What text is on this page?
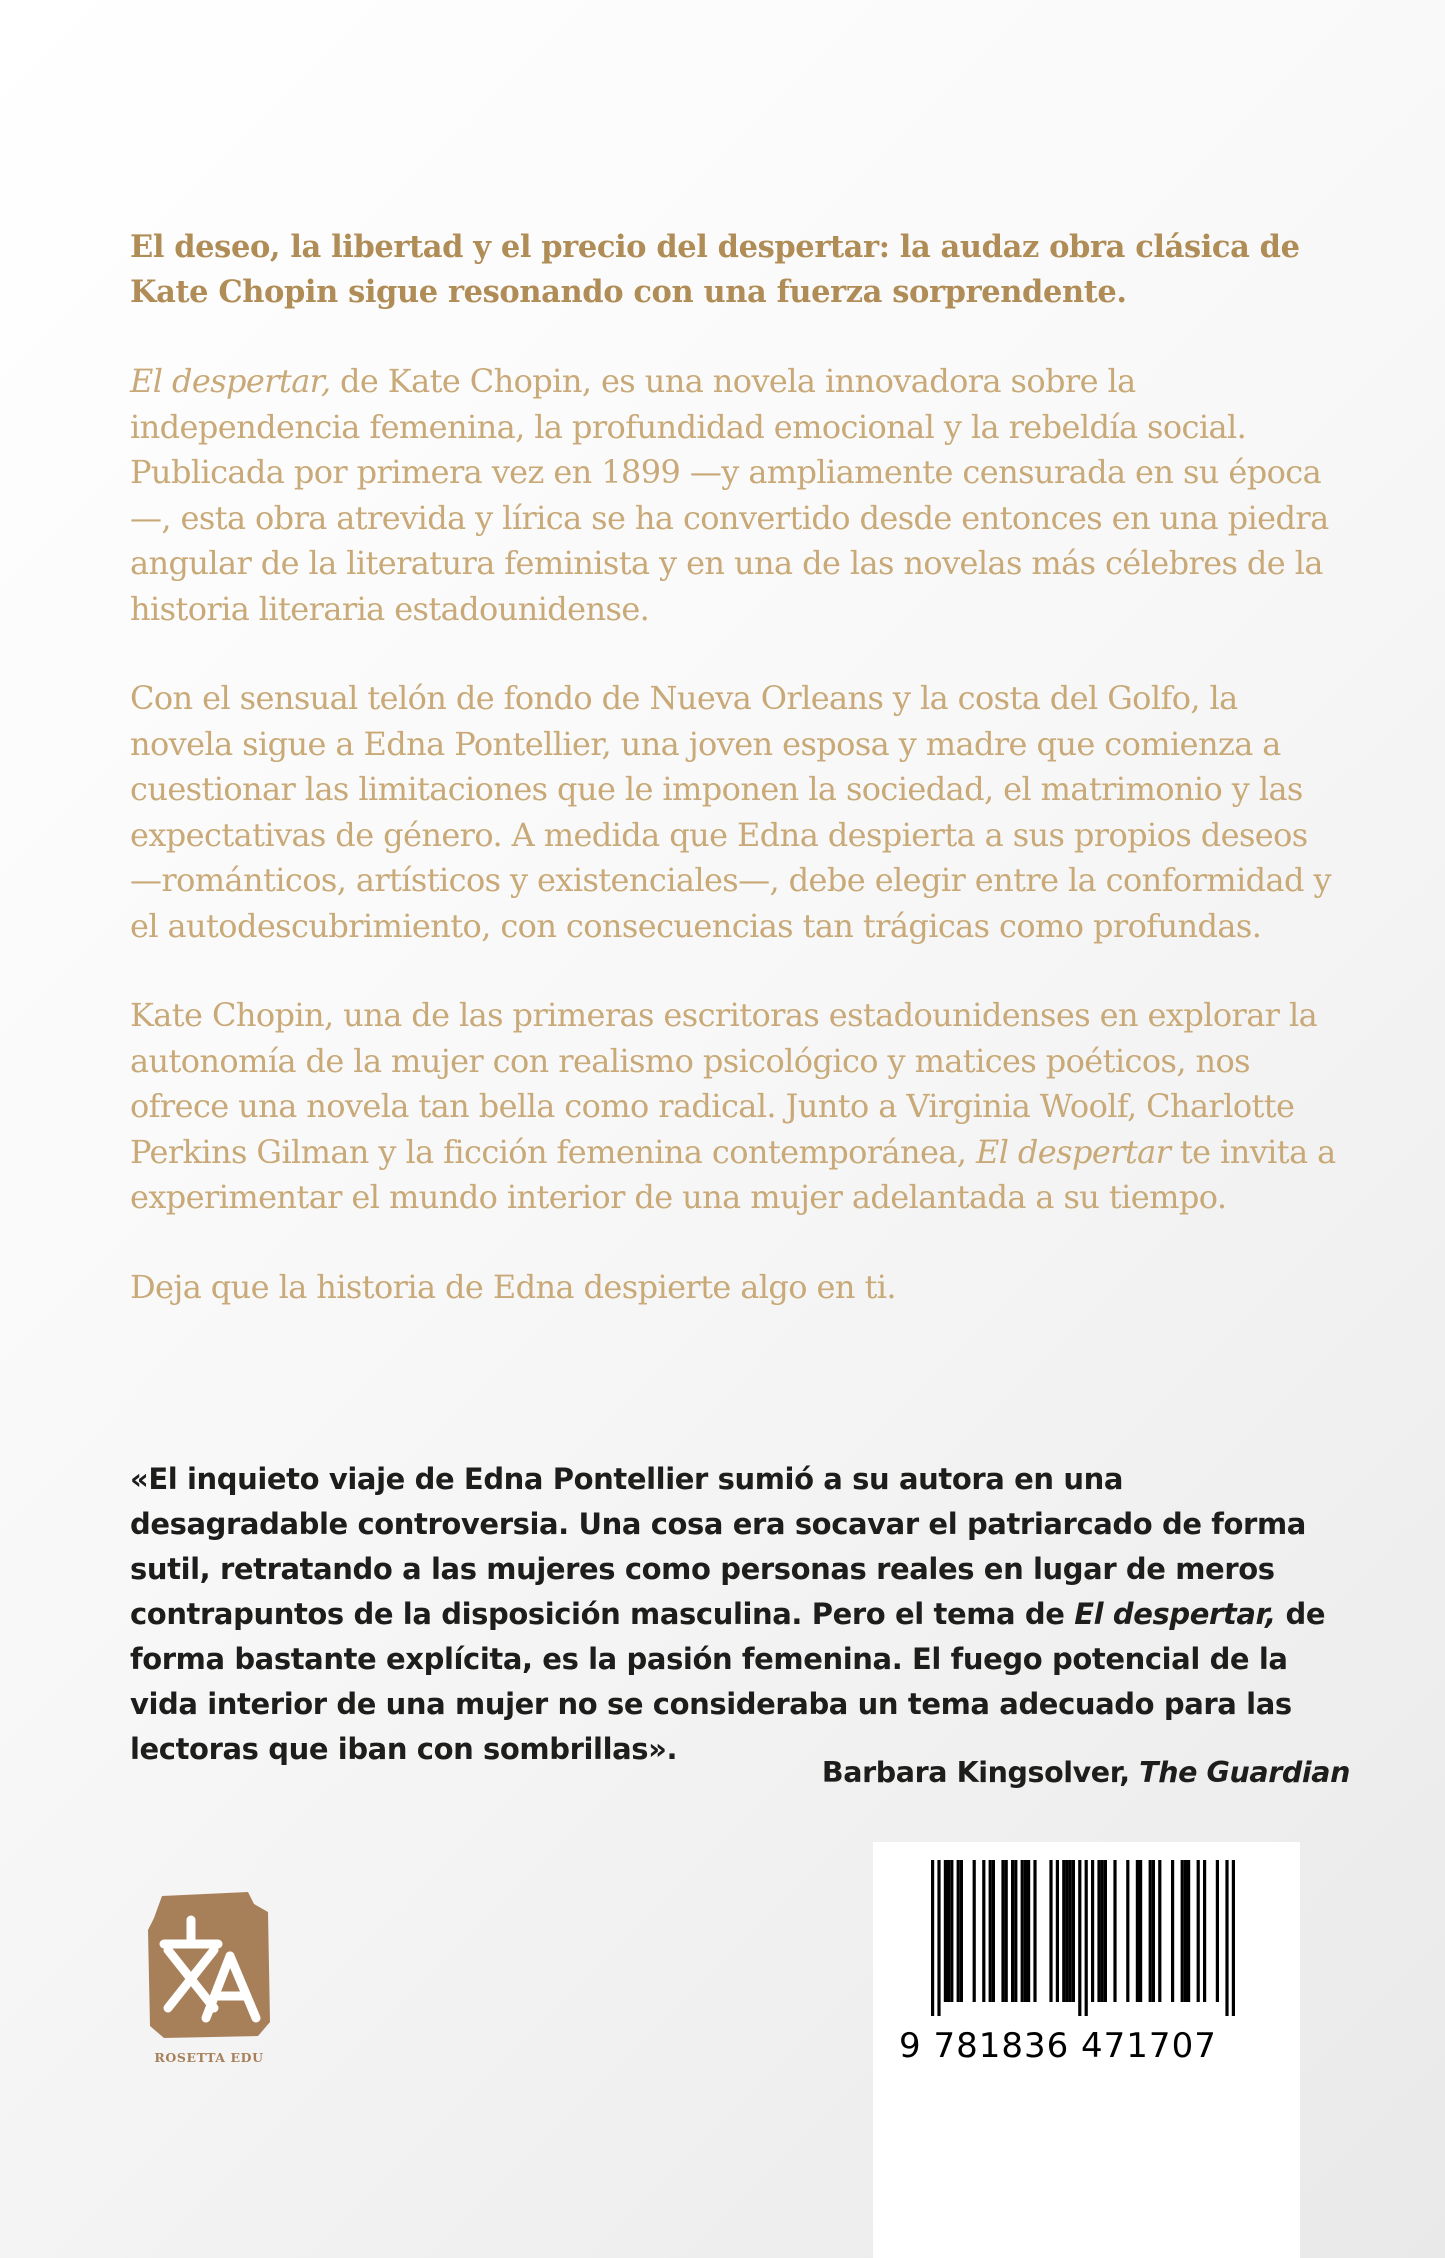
El deseo, la libertad y el precio del despertar: la audaz obra clásica de Kate Chopin sigue resonando con una fuerza sorprendente.

El despertar, de Kate Chopin, es una novela innovadora sobre la independencia femenina, la profundidad emocional y la rebeldía social. Publicada por primera vez en 1899 —y ampliamente censurada en su época—, esta obra atrevida y lírica se ha convertido desde entonces en una piedra angular de la literatura feminista y en una de las novelas más célebres de la historia literaria estadounidense.

Con el sensual telón de fondo de Nueva Orleans y la costa del Golfo, la novela sigue a Edna Pontellier, una joven esposa y madre que comienza a cuestionar las limitaciones que le imponen la sociedad, el matrimonio y las expectativas de género. A medida que Edna despierta a sus propios deseos —románticos, artísticos y existenciales—, debe elegir entre la conformidad y el autodescubrimiento, con consecuencias tan trágicas como profundas.

Kate Chopin, una de las primeras escritoras estadounidenses en explorar la autonomía de la mujer con realismo psicológico y matices poéticos, nos ofrece una novela tan bella como radical. Junto a Virginia Woolf, Charlotte Perkins Gilman y la ficción femenina contemporánea, El despertar te invita a experimentar el mundo interior de una mujer adelantada a su tiempo.

Deja que la historia de Edna despierte algo en ti.

«El inquieto viaje de Edna Pontellier sumió a su autora en una desagradable controversia. Una cosa era socavar el patriarcado de forma sutil, retratando a las mujeres como personas reales en lugar de meros contrapuntos de la disposición masculina. Pero el tema de El despertar, de forma bastante explícita, es la pasión femenina. El fuego potencial de la vida interior de una mujer no se consideraba un tema adecuado para las lectoras que iban con sombrillas».

Barbara Kingsolver, The Guardian
ROSETTA EDU	9 781836 471707
